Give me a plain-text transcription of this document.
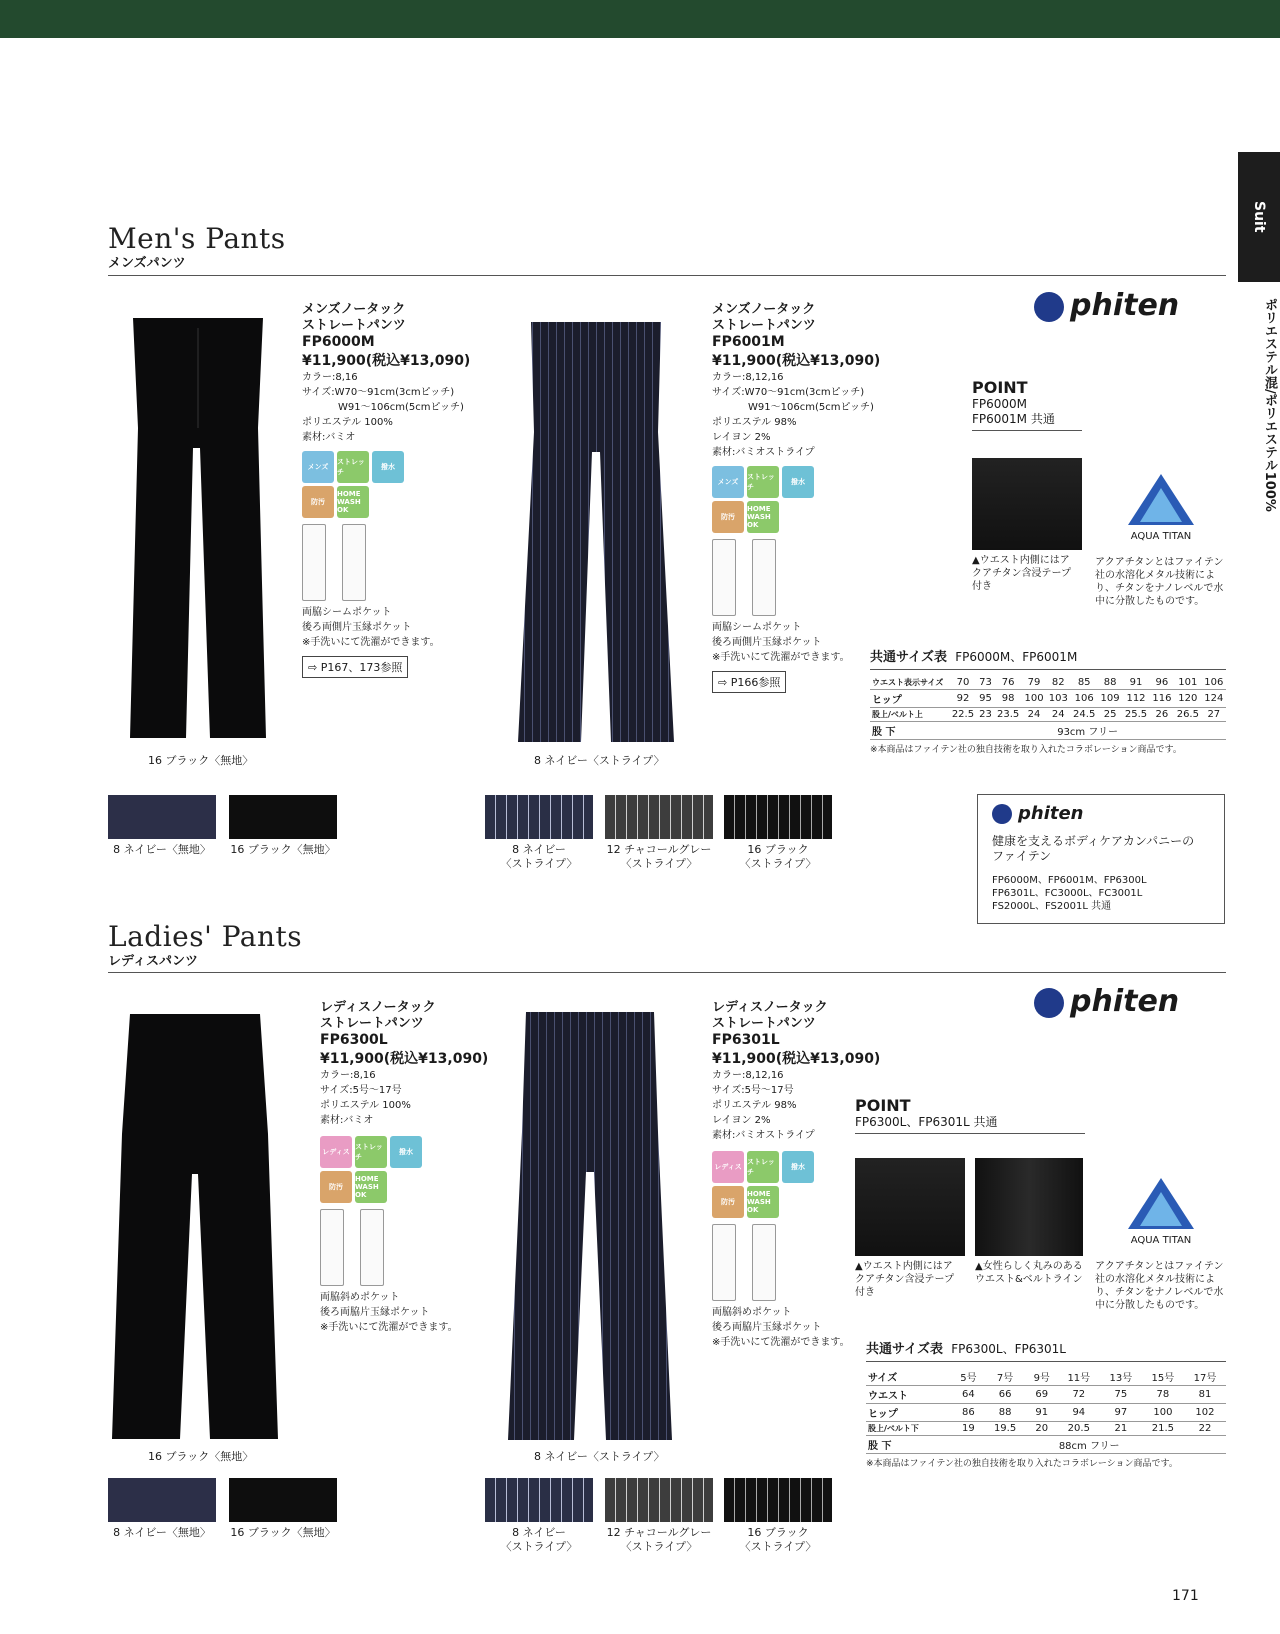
Suit
ポリエステル混/ポリエステル100%
Men's Pants
メンズパンツ
16 ブラック〈無地〉
メンズノータック
ストレートパンツ
FP6000M
¥11,900(税込¥13,090)
カラー:8,16
サイズ:W70〜91cm(3cmピッチ)
W91〜106cm(5cmピッチ)
ポリエステル 100%
素材:バミオ
メンズ
ストレッチ
撥水
防汚
HOME WASH OK
両脇シームポケット
後ろ両側片玉縁ポケット
※手洗いにて洗濯ができます。
⇨ P167、173参照
8 ネイビー〈ストライプ〉
メンズノータック
ストレートパンツ
FP6001M
¥11,900(税込¥13,090)
カラー:8,12,16
サイズ:W70〜91cm(3cmピッチ)
W91〜106cm(5cmピッチ)
ポリエステル 98%
レイヨン 2%
素材:バミオストライプ
メンズ
ストレッチ
撥水
防汚
HOME WASH OK
両脇シームポケット
後ろ両側片玉縁ポケット
※手洗いにて洗濯ができます。
⇨ P166参照
8 ネイビー〈無地〉	16 ブラック〈無地〉	8 ネイビー
〈ストライプ〉
12 チャコールグレー
〈ストライプ〉
16 ブラック
〈ストライプ〉
phiten
POINT
FP6000M
FP6001M 共通
▲ウエスト内側にはア
クアチタン含浸テープ
付き
AQUA TITAN
アクアチタンとはファイテン
社の水溶化メタル技術によ
り、チタンをナノレベルで水
中に分散したものです。
共通サイズ表 FP6000M、FP6001M
ウエスト表示サイズ	70	73	76	79	82	85	88	91	96	101	106
ヒップ	92	95	98	100	103	106	109	112	116	120	124
股上/ベルト上	22.5	23	23.5	24	24	24.5	25	25.5	26	26.5	27
股 下	93cm フリー										
※本商品はファイテン社の独自技術を取り入れたコラボレーション商品です。
phiten
健康を支えるボディケアカンパニーの
ファイテン
FP6000M、FP6001M、FP6300L
FP6301L、FC3000L、FC3001L
FS2000L、FS2001L 共通
Ladies' Pants
レディスパンツ
16 ブラック〈無地〉
レディスノータック
ストレートパンツ
FP6300L
¥11,900(税込¥13,090)
カラー:8,16
サイズ:5号〜17号
ポリエステル 100%
素材:バミオ
レディス
ストレッチ
撥水
防汚
HOME WASH OK
両脇斜めポケット
後ろ両脇片玉縁ポケット
※手洗いにて洗濯ができます。
8 ネイビー〈ストライプ〉
レディスノータック
ストレートパンツ
FP6301L
¥11,900(税込¥13,090)
カラー:8,12,16
サイズ:5号〜17号
ポリエステル 98%
レイヨン 2%
素材:バミオストライプ
レディス
ストレッチ
撥水
防汚
HOME WASH OK
両脇斜めポケット
後ろ両脇片玉縁ポケット
※手洗いにて洗濯ができます。
8 ネイビー〈無地〉	16 ブラック〈無地〉	8 ネイビー
〈ストライプ〉
12 チャコールグレー
〈ストライプ〉
16 ブラック
〈ストライプ〉
phiten
POINT
FP6300L、FP6301L 共通
▲ウエスト内側にはア
クアチタン含浸テープ
付き
▲女性らしく丸みのある
ウエスト&ベルトライン
AQUA TITAN
アクアチタンとはファイテン
社の水溶化メタル技術によ
り、チタンをナノレベルで水
中に分散したものです。
共通サイズ表 FP6300L、FP6301L
サイズ	5号	7号	9号	11号	13号	15号	17号
ウエスト	64	66	69	72	75	78	81
ヒップ	86	88	91	94	97	100	102
股上/ベルト下	19	19.5	20	20.5	21	21.5	22
股 下	88cm フリー						
※本商品はファイテン社の独自技術を取り入れたコラボレーション商品です。
171
